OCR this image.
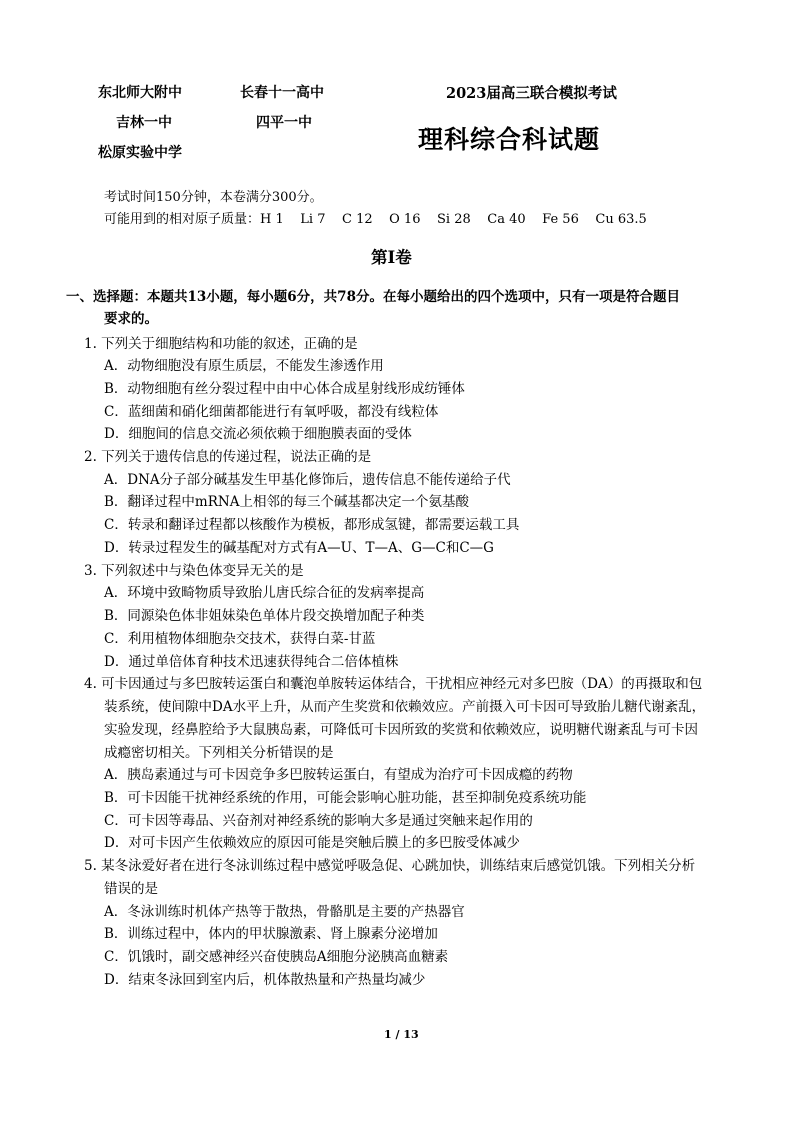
东北师大附中	长春十一高中
吉林一中	四平一中
松原实验中学
2023届高三联合模拟考试
理科综合科试题
考试时间150分钟，本卷满分300分。
可能用到的相对原子质量：H 1    Li 7    C 12    O 16    Si 28    Ca 40    Fe 56    Cu 63.5
第I卷
一、选择题：本题共13小题，每小题6分，共78分。在每小题给出的四个选项中，只有一项是符合题目
要求的。
1. 下列关于细胞结构和功能的叙述，正确的是
A．动物细胞没有原生质层，不能发生渗透作用
B．动物细胞有丝分裂过程中由中心体合成星射线形成纺锤体
C．蓝细菌和硝化细菌都能进行有氧呼吸，都没有线粒体
D．细胞间的信息交流必须依赖于细胞膜表面的受体
2. 下列关于遗传信息的传递过程，说法正确的是
A．DNA分子部分碱基发生甲基化修饰后，遗传信息不能传递给子代
B．翻译过程中mRNA上相邻的每三个碱基都决定一个氨基酸
C．转录和翻译过程都以核酸作为模板，都形成氢键，都需要运载工具
D．转录过程发生的碱基配对方式有A—U、T—A、G—C和C—G
3. 下列叙述中与染色体变异无关的是
A．环境中致畸物质导致胎儿唐氏综合征的发病率提高
B．同源染色体非姐妹染色单体片段交换增加配子种类
C．利用植物体细胞杂交技术，获得白菜-甘蓝
D．通过单倍体育种技术迅速获得纯合二倍体植株
4. 可卡因通过与多巴胺转运蛋白和囊泡单胺转运体结合，干扰相应神经元对多巴胺（DA）的再摄取和包
装系统，使间隙中DA水平上升，从而产生奖赏和依赖效应。产前摄入可卡因可导致胎儿糖代谢紊乱，
实验发现，经鼻腔给予大鼠胰岛素，可降低可卡因所致的奖赏和依赖效应，说明糖代谢紊乱与可卡因
成瘾密切相关。下列相关分析错误的是
A．胰岛素通过与可卡因竞争多巴胺转运蛋白，有望成为治疗可卡因成瘾的药物
B．可卡因能干扰神经系统的作用，可能会影响心脏功能，甚至抑制免疫系统功能
C．可卡因等毒品、兴奋剂对神经系统的影响大多是通过突触来起作用的
D．对可卡因产生依赖效应的原因可能是突触后膜上的多巴胺受体减少
5. 某冬泳爱好者在进行冬泳训练过程中感觉呼吸急促、心跳加快，训练结束后感觉饥饿。下列相关分析
错误的是
A．冬泳训练时机体产热等于散热，骨骼肌是主要的产热器官
B．训练过程中，体内的甲状腺激素、肾上腺素分泌增加
C．饥饿时，副交感神经兴奋使胰岛A细胞分泌胰高血糖素
D．结束冬泳回到室内后，机体散热量和产热量均减少
1 / 13
